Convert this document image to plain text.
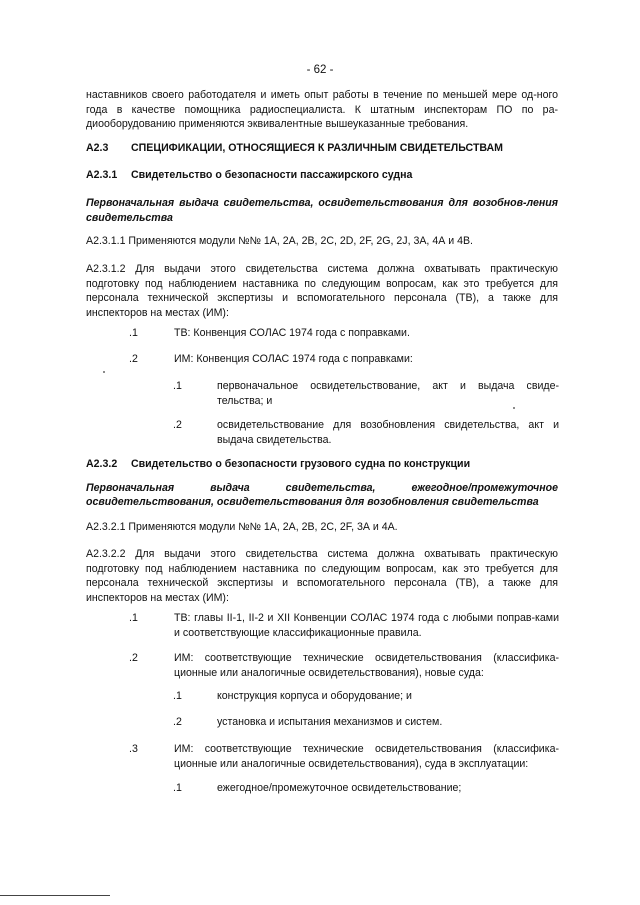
- 62 -
наставников своего работодателя и иметь опыт работы в течение по меньшей мере од-ного года в качестве помощника радиоспециалиста. К штатным инспекторам ПО по ра-диооборудованию применяются эквивалентные вышеуказанные требования.
A2.3 СПЕЦИФИКАЦИИ, ОТНОСЯЩИЕСЯ К РАЗЛИЧНЫМ СВИДЕТЕЛЬСТВАМ
A2.3.1 Свидетельство о безопасности пассажирского судна
Первоначальная выдача свидетельства, освидетельствования для возобнов-ления свидетельства
A2.3.1.1 Применяются модули №№ 1А, 2А, 2В, 2С, 2D, 2F, 2G, 2J, 3А, 4А и 4В.
A2.3.1.2 Для выдачи этого свидетельства система должна охватывать практическую подготовку под наблюдением наставника по следующим вопросам, как это требуется для персонала технической экспертизы и вспомогательного персонала (ТВ), а также для инспекторов на местах (ИМ):
.1	ТВ: Конвенция СОЛАС 1974 года с поправками.
.2	ИМ: Конвенция СОЛАС 1974 года с поправками:
.1	первоначальное освидетельствование, акт и выдача свиде-тельства; и
.2	освидетельствование для возобновления свидетельства, акт и выдача свидетельства.
A2.3.2 Свидетельство о безопасности грузового судна по конструкции
Первоначальная выдача свидетельства, ежегодное/промежуточное
освидетельствования, освидетельствования для возобновления свидетельства
A2.3.2.1 Применяются модули №№ 1А, 2А, 2В, 2С, 2F, 3А и 4А.
A2.3.2.2 Для выдачи этого свидетельства система должна охватывать практическую подготовку под наблюдением наставника по следующим вопросам, как это требуется для персонала технической экспертизы и вспомогательного персонала (ТВ), а также для инспекторов на местах (ИМ):
.1	ТВ: главы II-1, II-2 и XII Конвенции СОЛАС 1974 года с любыми поправ-ками и соответствующие классификационные правила.
.2	ИМ: соответствующие технические освидетельствования (классифика-ционные или аналогичные освидетельствования), новые суда:
.1	конструкция корпуса и оборудование; и
.2	установка и испытания механизмов и систем.
.3	ИМ: соответствующие технические освидетельствования (классифика-ционные или аналогичные освидетельствования), суда в эксплуатации:
.1	ежегодное/промежуточное освидетельствование;
